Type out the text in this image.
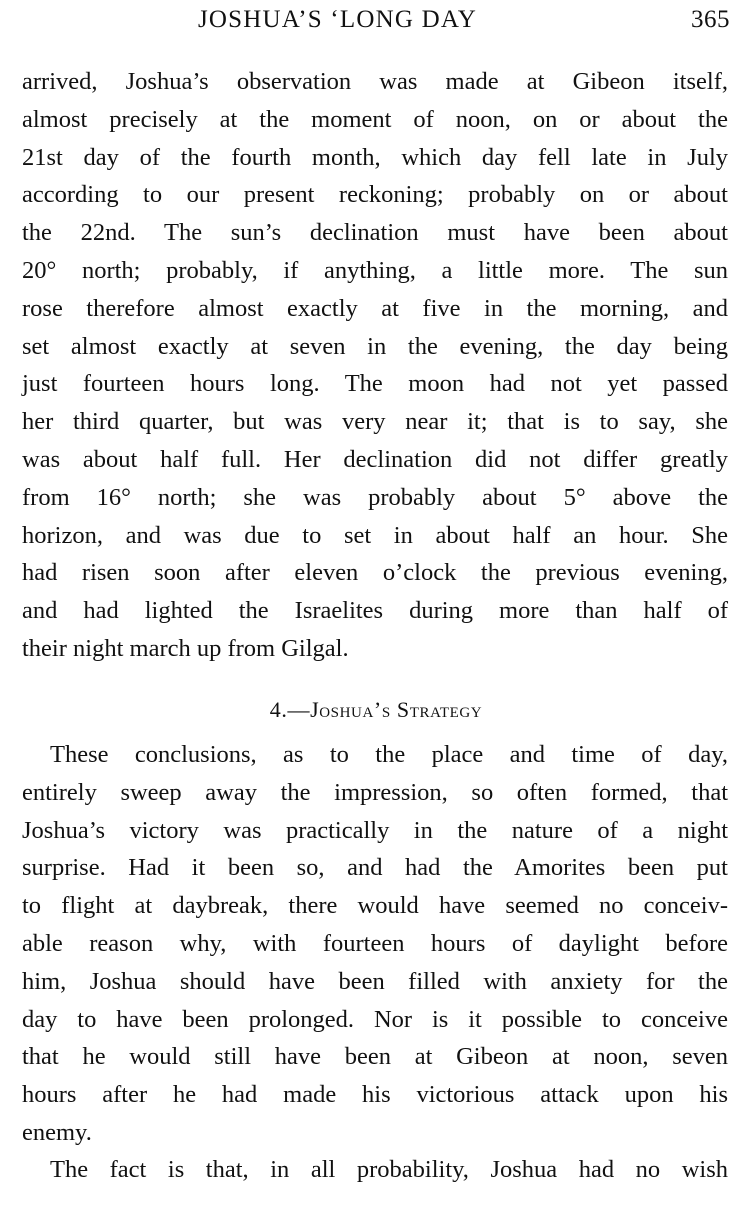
JOSHUA’S ‘LONG DAY	365
arrived, Joshua’s observation was made at Gibeon itself,
almost precisely at the moment of noon, on or about the
21st day of the fourth month, which day fell late in July
according to our present reckoning; probably on or about
the 22nd. The sun’s declination must have been about
20° north; probably, if anything, a little more. The sun
rose therefore almost exactly at five in the morning, and
set almost exactly at seven in the evening, the day being
just fourteen hours long. The moon had not yet passed
her third quarter, but was very near it; that is to say, she
was about half full. Her declination did not differ greatly
from 16° north; she was probably about 5° above the
horizon, and was due to set in about half an hour. She
had risen soon after eleven o’clock the previous evening,
and had lighted the Israelites during more than half of
their night march up from Gilgal.
4.—Joshua’s Strategy
These conclusions, as to the place and time of day,
entirely sweep away the impression, so often formed, that
Joshua’s victory was practically in the nature of a night
surprise. Had it been so, and had the Amorites been put
to flight at daybreak, there would have seemed no conceiv-
able reason why, with fourteen hours of daylight before
him, Joshua should have been filled with anxiety for the
day to have been prolonged. Nor is it possible to conceive
that he would still have been at Gibeon at noon, seven
hours after he had made his victorious attack upon his
enemy.
The fact is that, in all probability, Joshua had no wish
